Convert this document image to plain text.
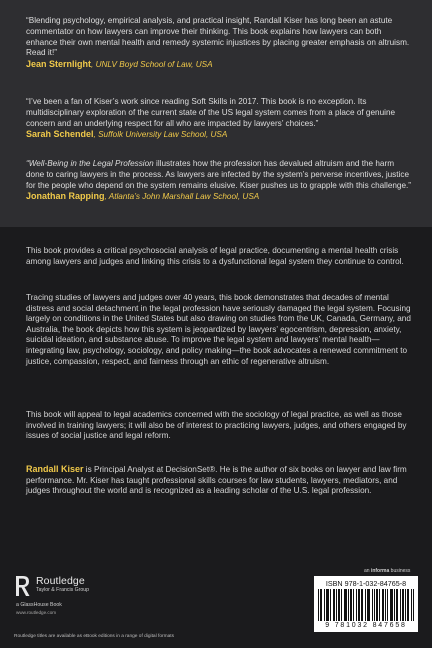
“Blending psychology, empirical analysis, and practical insight, Randall Kiser has long been an astute commentator on how lawyers can improve their thinking. This book explains how lawyers can both enhance their own mental health and remedy systemic injustices by placing greater emphasis on altruism. Read it!”
Jean Sternlight, UNLV Boyd School of Law, USA
“I’ve been a fan of Kiser’s work since reading Soft Skills in 2017. This book is no exception. Its multidisciplinary exploration of the current state of the US legal system comes from a place of genuine concern and an underlying respect for all who are impacted by lawyers’ choices.”
Sarah Schendel, Suffolk University Law School, USA
“Well-Being in the Legal Profession illustrates how the profession has devalued altruism and the harm done to caring lawyers in the process. As lawyers are infected by the system’s perverse incentives, justice for the people who depend on the system remains elusive. Kiser pushes us to grapple with this challenge.”
Jonathan Rapping, Atlanta’s John Marshall Law School, USA
This book provides a critical psychosocial analysis of legal practice, documenting a mental health crisis among lawyers and judges and linking this crisis to a dysfunctional legal system they continue to control.
Tracing studies of lawyers and judges over 40 years, this book demonstrates that decades of mental distress and social detachment in the legal profession have seriously damaged the legal system. Focusing largely on conditions in the United States but also drawing on studies from the UK, Canada, Germany, and Australia, the book depicts how this system is jeopardized by lawyers’ egocentrism, depression, anxiety, suicidal ideation, and substance abuse. To improve the legal system and lawyers’ mental health—integrating law, psychology, sociology, and policy making—the book advocates a renewed commitment to justice, compassion, respect, and fairness through an ethic of regenerative altruism.
This book will appeal to legal academics concerned with the sociology of legal practice, as well as those involved in training lawyers; it will also be of interest to practicing lawyers, judges, and others engaged by issues of social justice and legal reform.
Randall Kiser is Principal Analyst at DecisionSet®. He is the author of six books on lawyer and law firm performance. Mr. Kiser has taught professional skills courses for law students, lawyers, mediators, and judges throughout the world and is recognized as a leading scholar of the U.S. legal profession.
Routledge
Taylor & Francis Group
a GlassHouse Book
www.routledge.com
an informa business
ISBN 978-1-032-84765-8
9 781032 847658
Routledge titles are available as eBook editions in a range of digital formats
